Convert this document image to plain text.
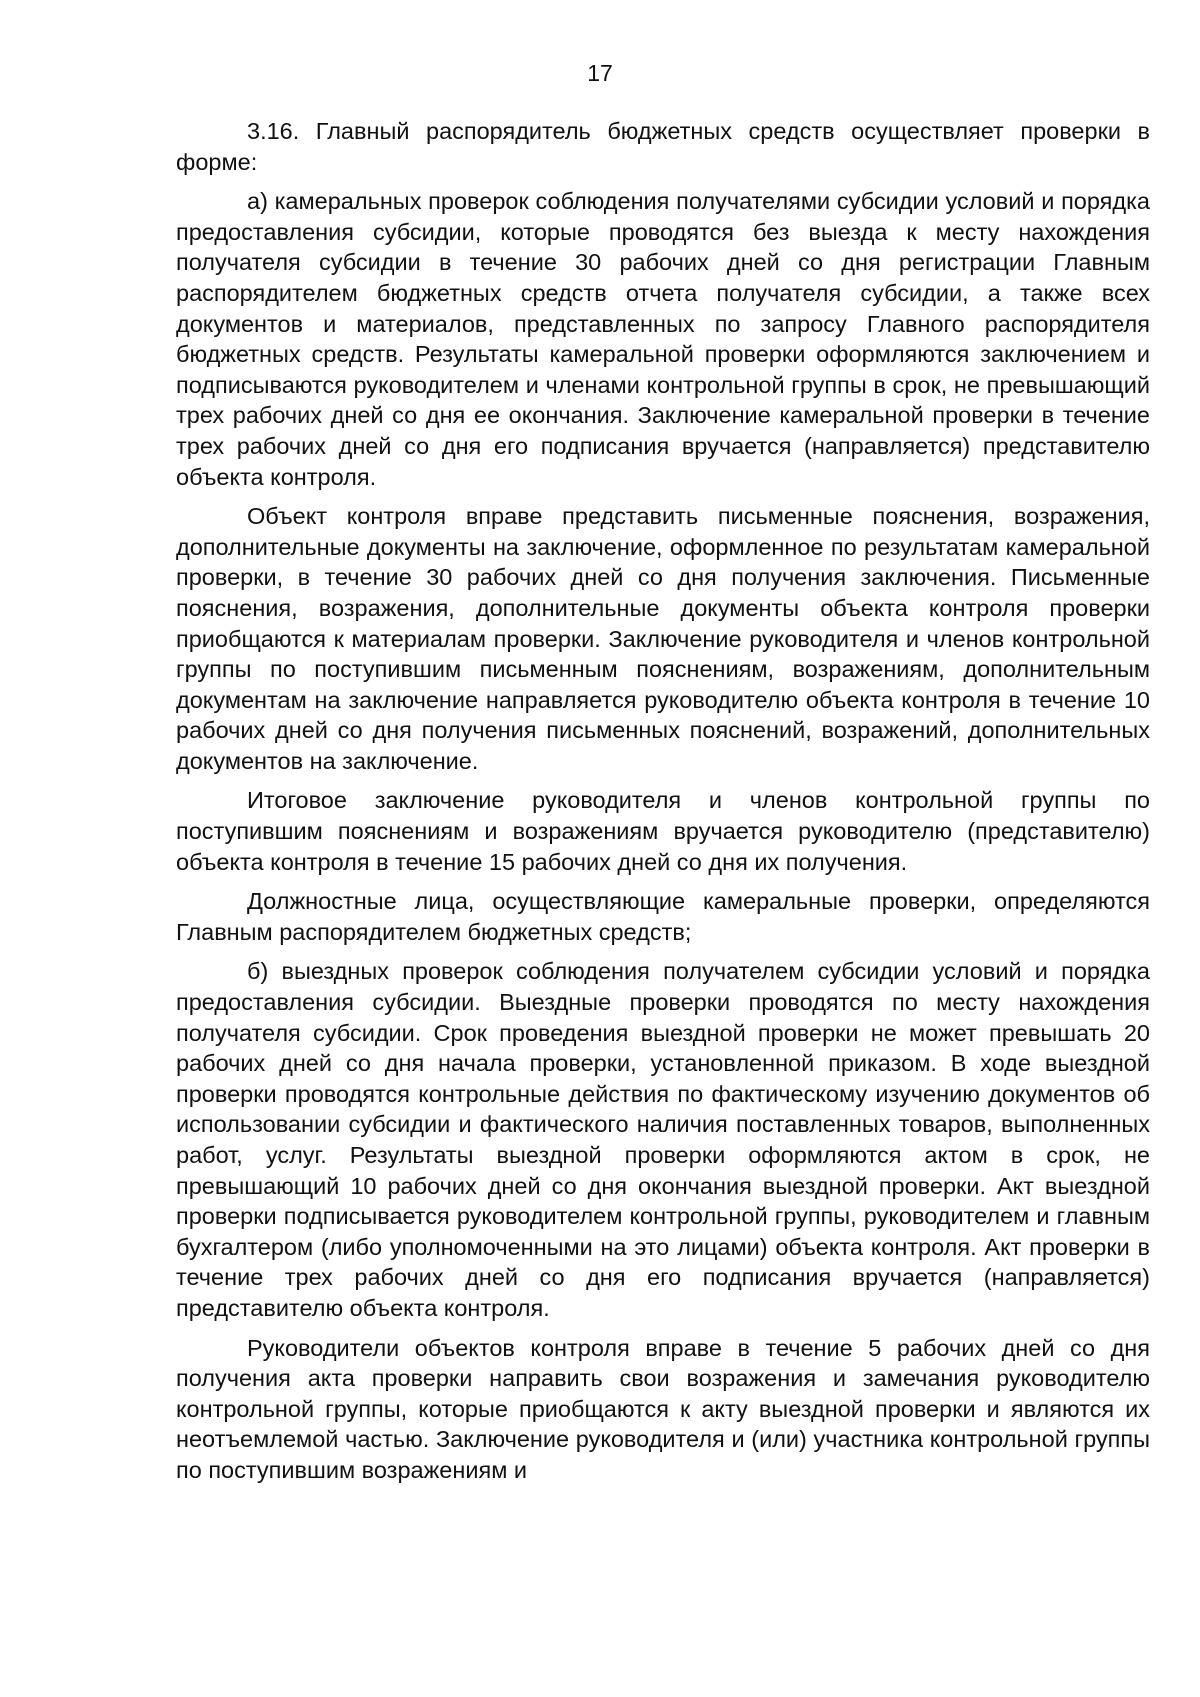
17

3.16. Главный распорядитель бюджетных средств осуществляет проверки в форме:

а) камеральных проверок соблюдения получателями субсидии условий и порядка предоставления субсидии, которые проводятся без выезда к месту нахождения получателя субсидии в течение 30 рабочих дней со дня регистрации Главным распорядителем бюджетных средств отчета получателя субсидии, а также всех документов и материалов, представленных по запросу Главного распорядителя бюджетных средств. Результаты камеральной проверки оформляются заключением и подписываются руководителем и членами контрольной группы в срок, не превышающий трех рабочих дней со дня ее окончания. Заключение камеральной проверки в течение трех рабочих дней со дня его подписания вручается (направляется) представителю объекта контроля.

Объект контроля вправе представить письменные пояснения, возражения, дополнительные документы на заключение, оформленное по результатам камеральной проверки, в течение 30 рабочих дней со дня получения заключения. Письменные пояснения, возражения, дополнительные документы объекта контроля проверки приобщаются к материалам проверки. Заключение руководителя и членов контрольной группы по поступившим письменным пояснениям, возражениям, дополнительным документам на заключение направляется руководителю объекта контроля в течение 10 рабочих дней со дня получения письменных пояснений, возражений, дополнительных документов на заключение.

Итоговое заключение руководителя и членов контрольной группы по поступившим пояснениям и возражениям вручается руководителю (представителю) объекта контроля в течение 15 рабочих дней со дня их получения.

Должностные лица, осуществляющие камеральные проверки, определяются Главным распорядителем бюджетных средств;

б) выездных проверок соблюдения получателем субсидии условий и порядка предоставления субсидии. Выездные проверки проводятся по месту нахождения получателя субсидии. Срок проведения выездной проверки не может превышать 20 рабочих дней со дня начала проверки, установленной приказом. В ходе выездной проверки проводятся контрольные действия по фактическому изучению документов об использовании субсидии и фактического наличия поставленных товаров, выполненных работ, услуг. Результаты выездной проверки оформляются актом в срок, не превышающий 10 рабочих дней со дня окончания выездной проверки. Акт выездной проверки подписывается руководителем контрольной группы, руководителем и главным бухгалтером (либо уполномоченными на это лицами) объекта контроля. Акт проверки в течение трех рабочих дней со дня его подписания вручается (направляется) представителю объекта контроля.

Руководители объектов контроля вправе в течение 5 рабочих дней со дня получения акта проверки направить свои возражения и замечания руководителю контрольной группы, которые приобщаются к акту выездной проверки и являются их неотъемлемой частью. Заключение руководителя и (или) участника контрольной группы по поступившим возражениям и
